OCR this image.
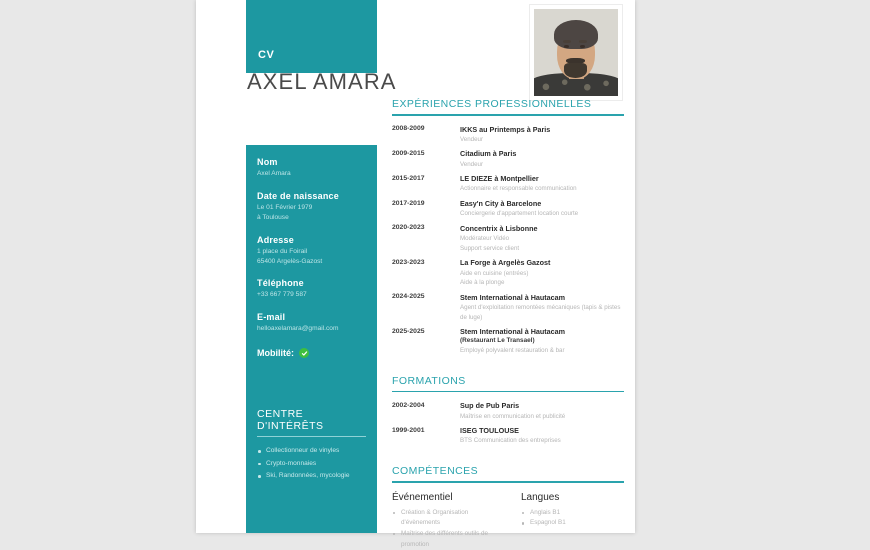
CV
AXEL AMARA
Nom
Axel Amara
Date de naissance
Le 01 Février 1979
à Toulouse
Adresse
1 place du Foirail
65400 Argelès-Gazost
Téléphone
+33 667 779 587
E-mail
helloaxelamara@gmail.com
Mobilité:
CENTRE D'INTÉRÊTS
Collectionneur de vinyles
Crypto-monnaies
Ski, Randonnées, mycologie
EXPÉRIENCES PROFESSIONNELLES
2008-2009	IKKS au Printemps à Paris
Vendeur
2009-2015	Citadium à Paris
Vendeur
2015-2017	LE DIEZE à Montpellier
Actionnaire et responsable communication
2017-2019	Easy'n City à Barcelone
Conciergerie d'appartement location courte
2020-2023	Concentrix à Lisbonne
Modérateur Vidéo
Support service client
2023-2023	La Forge à Argelès Gazost
Aide en cuisine (entrées)
Aide à la plonge
2024-2025	Stem International à Hautacam
Agent d'exploitation remontées mécaniques (tapis & pistes de luge)
2025-2025	Stem International à Hautacam
(Restaurant Le Transael)
Employé polyvalent restauration & bar
FORMATIONS
2002-2004	Sup de Pub Paris
Maîtrise en communication et publicité
1999-2001	ISEG TOULOUSE
BTS Communication des entreprises
COMPÉTENCES
Événementiel
Création & Organisation d'évènements
Maîtrise des différents outils de promotion
Langues
Anglais B1
Espagnol B1
